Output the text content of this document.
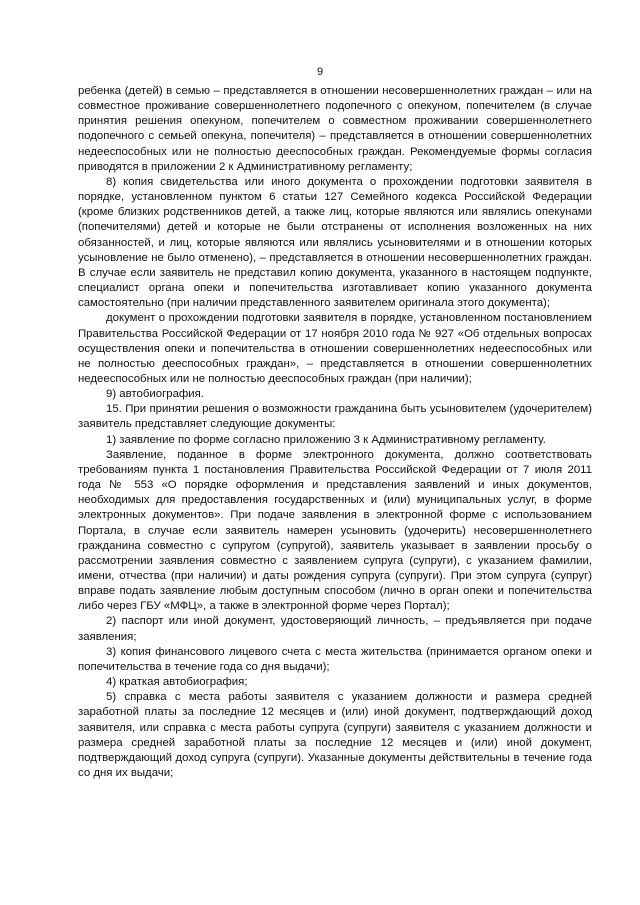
9

ребенка (детей) в семью – представляется в отношении несовершеннолетних граждан – или на совместное проживание совершеннолетнего подопечного с опекуном, попечителем (в случае принятия решения опекуном, попечителем о совместном проживании совершеннолетнего подопечного с семьей опекуна, попечителя) – представляется в отношении совершеннолетних недееспособных или не полностью дееспособных граждан. Рекомендуемые формы согласия приводятся в приложении 2 к Административному регламенту;

8) копия свидетельства или иного документа о прохождении подготовки заявителя в порядке, установленном пунктом 6 статьи 127 Семейного кодекса Российской Федерации (кроме близких родственников детей, а также лиц, которые являются или являлись опекунами (попечителями) детей и которые не были отстранены от исполнения возложенных на них обязанностей, и лиц, которые являются или являлись усыновителями и в отношении которых усыновление не было отменено), – представляется в отношении несовершеннолетних граждан. В случае если заявитель не представил копию документа, указанного в настоящем подпункте, специалист органа опеки и попечительства изготавливает копию указанного документа самостоятельно (при наличии представленного заявителем оригинала этого документа);

документ о прохождении подготовки заявителя в порядке, установленном постановлением Правительства Российской Федерации от 17 ноября 2010 года № 927 «Об отдельных вопросах осуществления опеки и попечительства в отношении совершеннолетних недееспособных или не полностью дееспособных граждан», – представляется в отношении совершеннолетних недееспособных или не полностью дееспособных граждан (при наличии);

9) автобиография.

15. При принятии решения о возможности гражданина быть усыновителем (удочерителем) заявитель представляет следующие документы:

1) заявление по форме согласно приложению 3 к Административному регламенту.

Заявление, поданное в форме электронного документа, должно соответствовать требованиям пункта 1 постановления Правительства Российской Федерации от 7 июля 2011 года № 553 «О порядке оформления и представления заявлений и иных документов, необходимых для предоставления государственных и (или) муниципальных услуг, в форме электронных документов». При подаче заявления в электронной форме с использованием Портала, в случае если заявитель намерен усыновить (удочерить) несовершеннолетнего гражданина совместно с супругом (супругой), заявитель указывает в заявлении просьбу о рассмотрении заявления совместно с заявлением супруга (супруги), с указанием фамилии, имени, отчества (при наличии) и даты рождения супруга (супруги). При этом супруга (супруг) вправе подать заявление любым доступным способом (лично в орган опеки и попечительства либо через ГБУ «МФЦ», а также в электронной форме через Портал);

2) паспорт или иной документ, удостоверяющий личность, – предъявляется при подаче заявления;

3) копия финансового лицевого счета с места жительства (принимается органом опеки и попечительства в течение года со дня выдачи);

4) краткая автобиография;

5) справка с места работы заявителя с указанием должности и размера средней заработной платы за последние 12 месяцев и (или) иной документ, подтверждающий доход заявителя, или справка с места работы супруга (супруги) заявителя с указанием должности и размера средней заработной платы за последние 12 месяцев и (или) иной документ, подтверждающий доход супруга (супруги). Указанные документы действительны в течение года со дня их выдачи;
